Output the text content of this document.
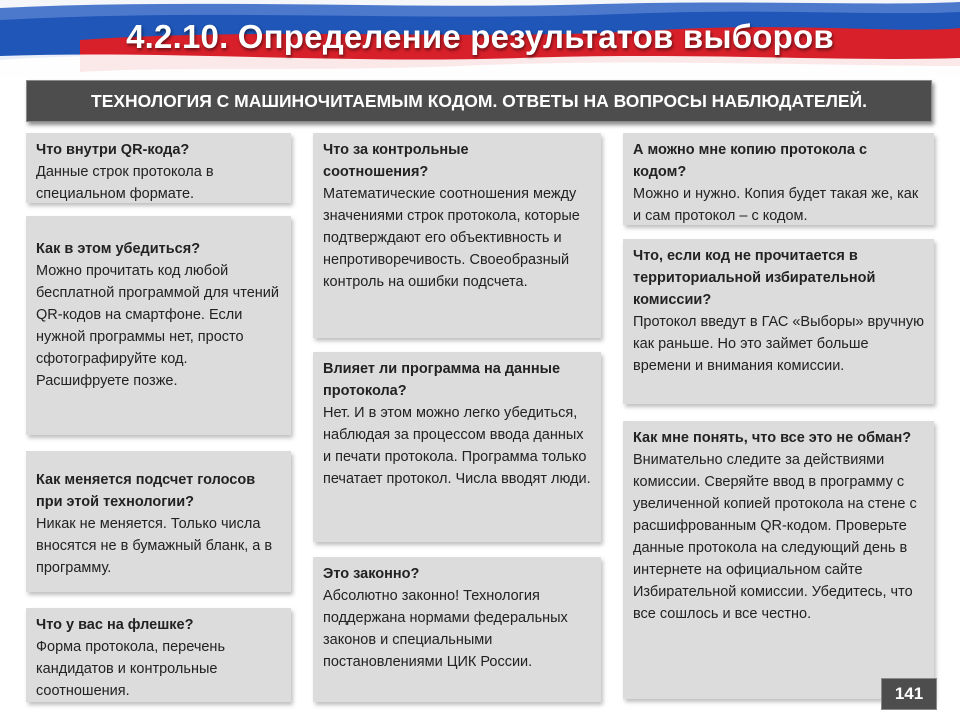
4.2.10. Определение результатов выборов
ТЕХНОЛОГИЯ С МАШИНОЧИТАЕМЫМ КОДОМ. ОТВЕТЫ НА ВОПРОСЫ НАБЛЮДАТЕЛЕЙ.
Что внутри QR-кода?
Данные строк протокола в специальном формате.
Как в этом убедиться?
Можно прочитать код любой бесплатной программой для чтений QR-кодов на смартфоне. Если нужной программы нет, просто сфотографируйте код. Расшифруете позже.
Как меняется подсчет голосов при этой технологии?
Никак не меняется. Только числа вносятся не в бумажный бланк, а в программу.
Что у вас на флешке?
Форма протокола, перечень кандидатов и контрольные соотношения.
Что за контрольные соотношения?
Математические соотношения между значениями строк протокола, которые подтверждают его объективность и непротиворечивость. Своеобразный контроль на ошибки подсчета.
Влияет ли программа на данные протокола?
Нет. И в этом можно легко убедиться, наблюдая за процессом ввода данных и печати протокола. Программа только печатает протокол. Числа вводят люди.
Это законно?
Абсолютно законно! Технология поддержана нормами федеральных законов и специальными постановлениями ЦИК России.
А можно мне копию протокола с кодом?
Можно и нужно. Копия будет такая же, как и сам протокол – с кодом.
Что, если код не прочитается в территориальной избирательной комиссии?
Протокол введут в ГАС «Выборы» вручную как раньше. Но это займет больше времени и внимания комиссии.
Как мне понять, что все это не обман?
Внимательно следите за действиями комиссии. Сверяйте ввод в программу с увеличенной копией протокола на стене с расшифрованным QR-кодом. Проверьте данные протокола на следующий день в интернете на официальном сайте Избирательной комиссии. Убедитесь, что все сошлось и все честно.
141
